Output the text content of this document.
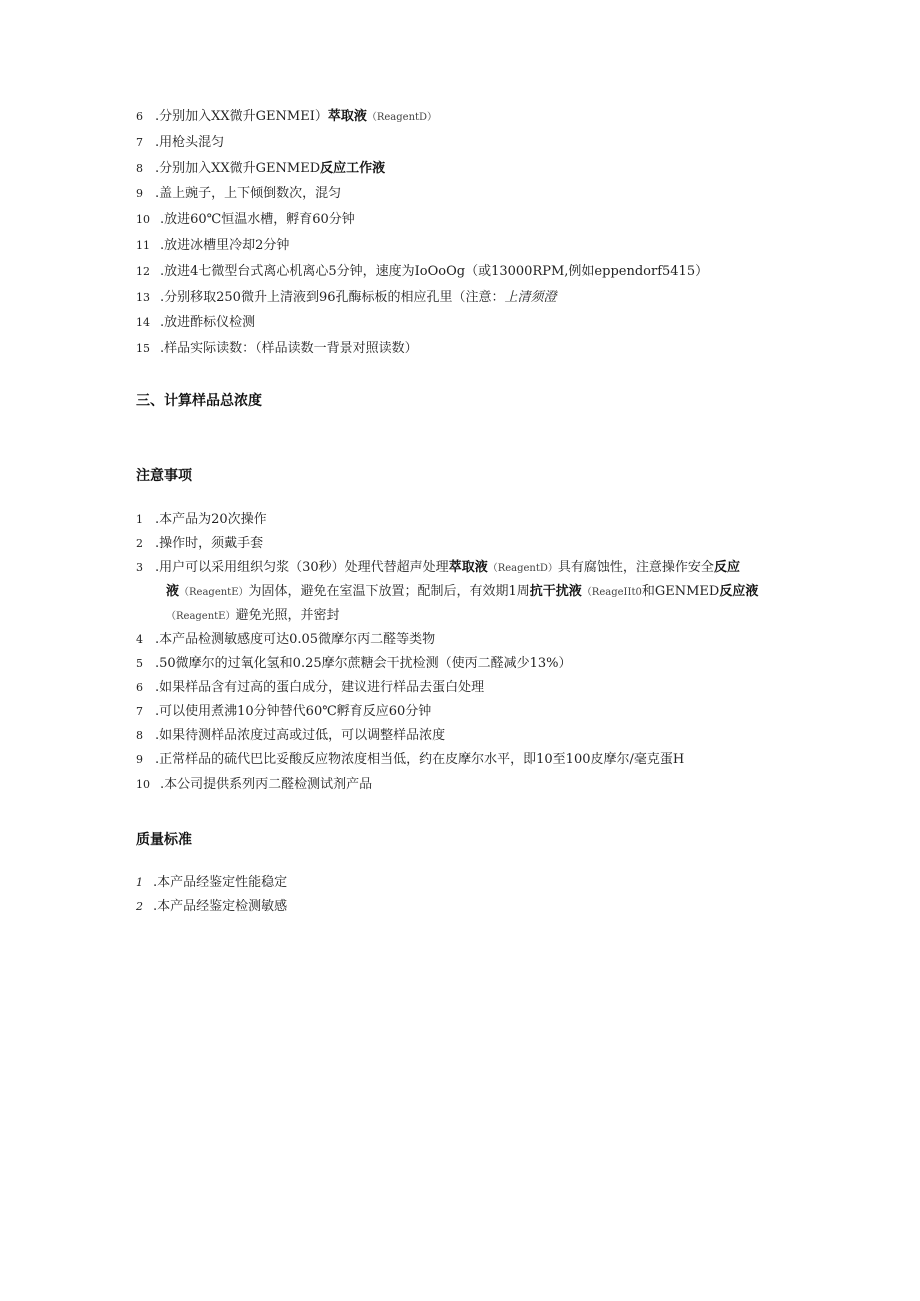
三、计算样品总浓度
注意事项
质量标准
6 .分别加入XX微升GENMEI）萃取液（ReagentD）
7 .用枪头混匀
8 .分别加入XX微升GENMED反应工作液
9 .盖上豌子，上下倾倒数次，混匀
10 .放进60℃恒温水槽，孵育60分钟
11 .放进冰槽里冷却2分钟
12 .放进4七微型台式离心机离心5分钟，速度为IoOoOg（或13000RPM,例如eppendorf5415）
13 .分别移取250微升上清液到96孔酶标板的相应孔里（注意：上清须澄
14 .放进酢标仪检测
15 .样品实际读数：（样品读数一背景对照读数）
1 .本产品为20次操作
2 .操作时，须戴手套
3 .用户可以采用组织匀浆（30秒）处理代替超声处理萃取液（ReagentD）具有腐蚀性，注意操作安全反应
液（ReagentE）为固体，避免在室温下放置；配制后，有效期1周抗干扰液（ReageIIt0和GENMED反应液
（ReagentE）避免光照，并密封
4 .本产品检测敏感度可达0.05微摩尔丙二醛等类物
5 .50微摩尔的过氧化氢和0.25摩尔蔗糖会干扰检测（使丙二醛减少13%）
6 .如果样品含有过高的蛋白成分，建议进行样品去蛋白处理
7 .可以使用煮沸10分钟替代60℃孵育反应60分钟
8 .如果待测样品浓度过高或过低，可以调整样品浓度
9 .正常样品的硫代巴比妥酸反应物浓度相当低，约在皮摩尔水平，即10至100皮摩尔/毫克蛋H
10 .本公司提供系列丙二醛检测试剂产品
1 .本产品经鉴定性能稳定
2 .本产品经鉴定检测敏感
